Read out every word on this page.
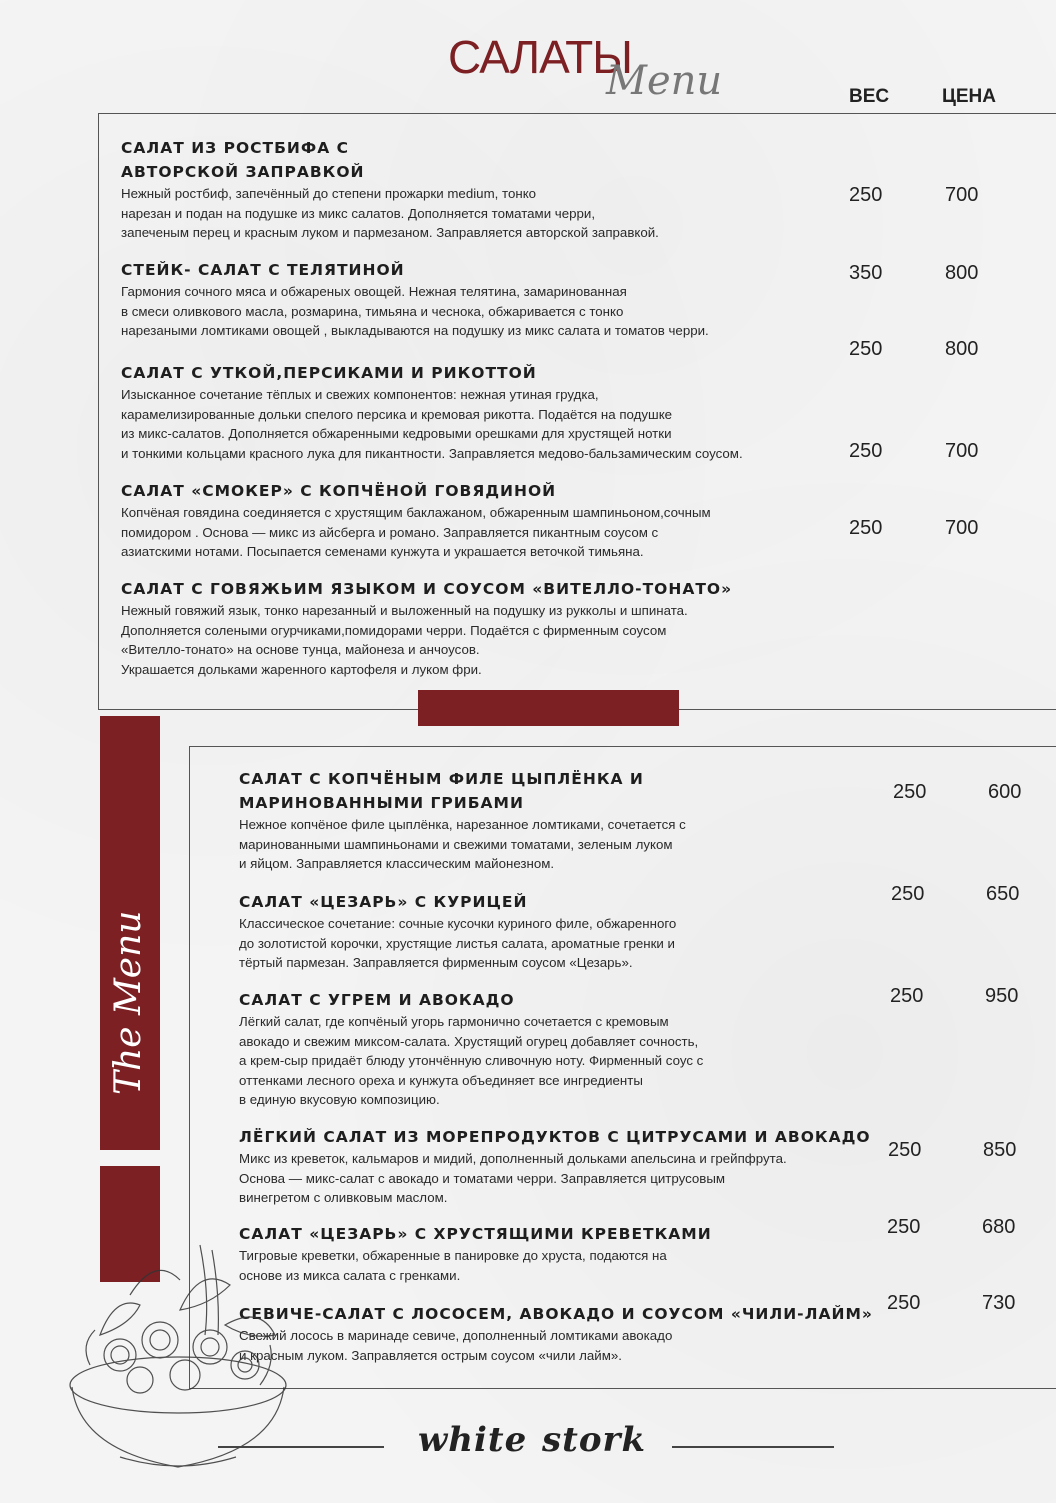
САЛАТЫ
Menu	ВЕС	ЦЕНА
САЛАТ ИЗ РОСТБИФА С
АВТОРСКОЙ ЗАПРАВКОЙ

Нежный ростбиф, запечённый до степени прожарки medium, тонко
нарезан и подан на подушке из микс салатов. Дополняется томатами черри,
запеченым перец и красным луком и пармезаном. Заправляется авторской заправкой.

250	700
СТЕЙК- САЛАТ С ТЕЛЯТИНОЙ

Гармония сочного мяса и обжареных овощей. Нежная телятина, замаринованная
в смеси оливкового масла, розмарина, тимьяна и чеснока, обжаривается с тонко
нарезаными ломтиками овощей , выкладываются на подушку из микс салата и томатов черри.

350	800
САЛАТ С УТКОЙ,ПЕРСИКАМИ И РИКОТТОЙ

Изысканное сочетание тёплых и свежих компонентов: нежная утиная грудка,
карамелизированные дольки спелого персика и кремовая рикотта. Подаётся на подушке
из микс-салатов. Дополняется обжаренными кедровыми орешками для хрустящей нотки
и тонкими кольцами красного лука для пикантности. Заправляется медово-бальзамическим соусом.

250	800
САЛАТ «СМОКЕР» С КОПЧЁНОЙ ГОВЯДИНОЙ

Копчёная говядина соединяется с хрустящим баклажаном, обжаренным шампиньоном,сочным
помидором . Основа — микс из айсберга и романо. Заправляется пикантным соусом с
азиатскими нотами. Посыпается семенами кунжута и украшается веточкой тимьяна.

250	700
САЛАТ С ГОВЯЖЬИМ ЯЗЫКОМ И СОУСОМ «ВИТЕЛЛО-ТОНАТО»

Нежный говяжий язык, тонко нарезанный и выложенный на подушку из рукколы и шпината.
Дополняется солеными огурчиками,помидорами черри. Подаётся с фирменным соусом
«Вителло-тонато» на основе тунца, майонеза и анчоусов.
Украшается дольками жаренного картофеля и луком фри.

250	700
The Menu
САЛАТ С КОПЧЁНЫМ ФИЛЕ ЦЫПЛЁНКА И
МАРИНОВАННЫМИ ГРИБАМИ

Нежное копчёное филе цыплёнка, нарезанное ломтиками, сочетается с
маринованными шампиньонами и свежими томатами, зеленым луком
и яйцом. Заправляется классическим майонезном.

250	600
САЛАТ «ЦЕЗАРЬ» С КУРИЦЕЙ

Классическое сочетание: сочные кусочки куриного филе, обжаренного
до золотистой корочки, хрустящие листья салата, ароматные гренки и
тёртый пармезан. Заправляется фирменным соусом «Цезарь».

250	650
САЛАТ С УГРЕМ И АВОКАДО

Лёгкий салат, где копчёный угорь гармонично сочетается с кремовым
авокадо и свежим миксом-салата. Хрустящий огурец добавляет сочность,
а крем-сыр придаёт блюду утончённую сливочную ноту. Фирменный соус с
оттенками лесного ореха и кунжута объединяет все ингредиенты
в единую вкусовую композицию.

250	950
ЛЁГКИЙ САЛАТ ИЗ МОРЕПРОДУКТОВ С ЦИТРУСАМИ И АВОКАДО

Микс из креветок, кальмаров и мидий, дополненный дольками апельсина и грейпфрута.
Основа — микс-салат с авокадо и томатами черри. Заправляется цитрусовым
винегретом с оливковым маслом.

250	850
САЛАТ «ЦЕЗАРЬ» С ХРУСТЯЩИМИ КРЕВЕТКАМИ

Тигровые креветки, обжаренные в панировке до хруста, подаются на
основе из микса салата с гренками.

250	680
СЕВИЧЕ-САЛАТ С ЛОСОСЕМ, АВОКАДО И СОУСОМ «ЧИЛИ-ЛАЙМ»

Свежий лосось в маринаде севиче, дополненный ломтиками авокадо
и красным луком. Заправляется острым соусом «чили лайм».

250	730
white stork
